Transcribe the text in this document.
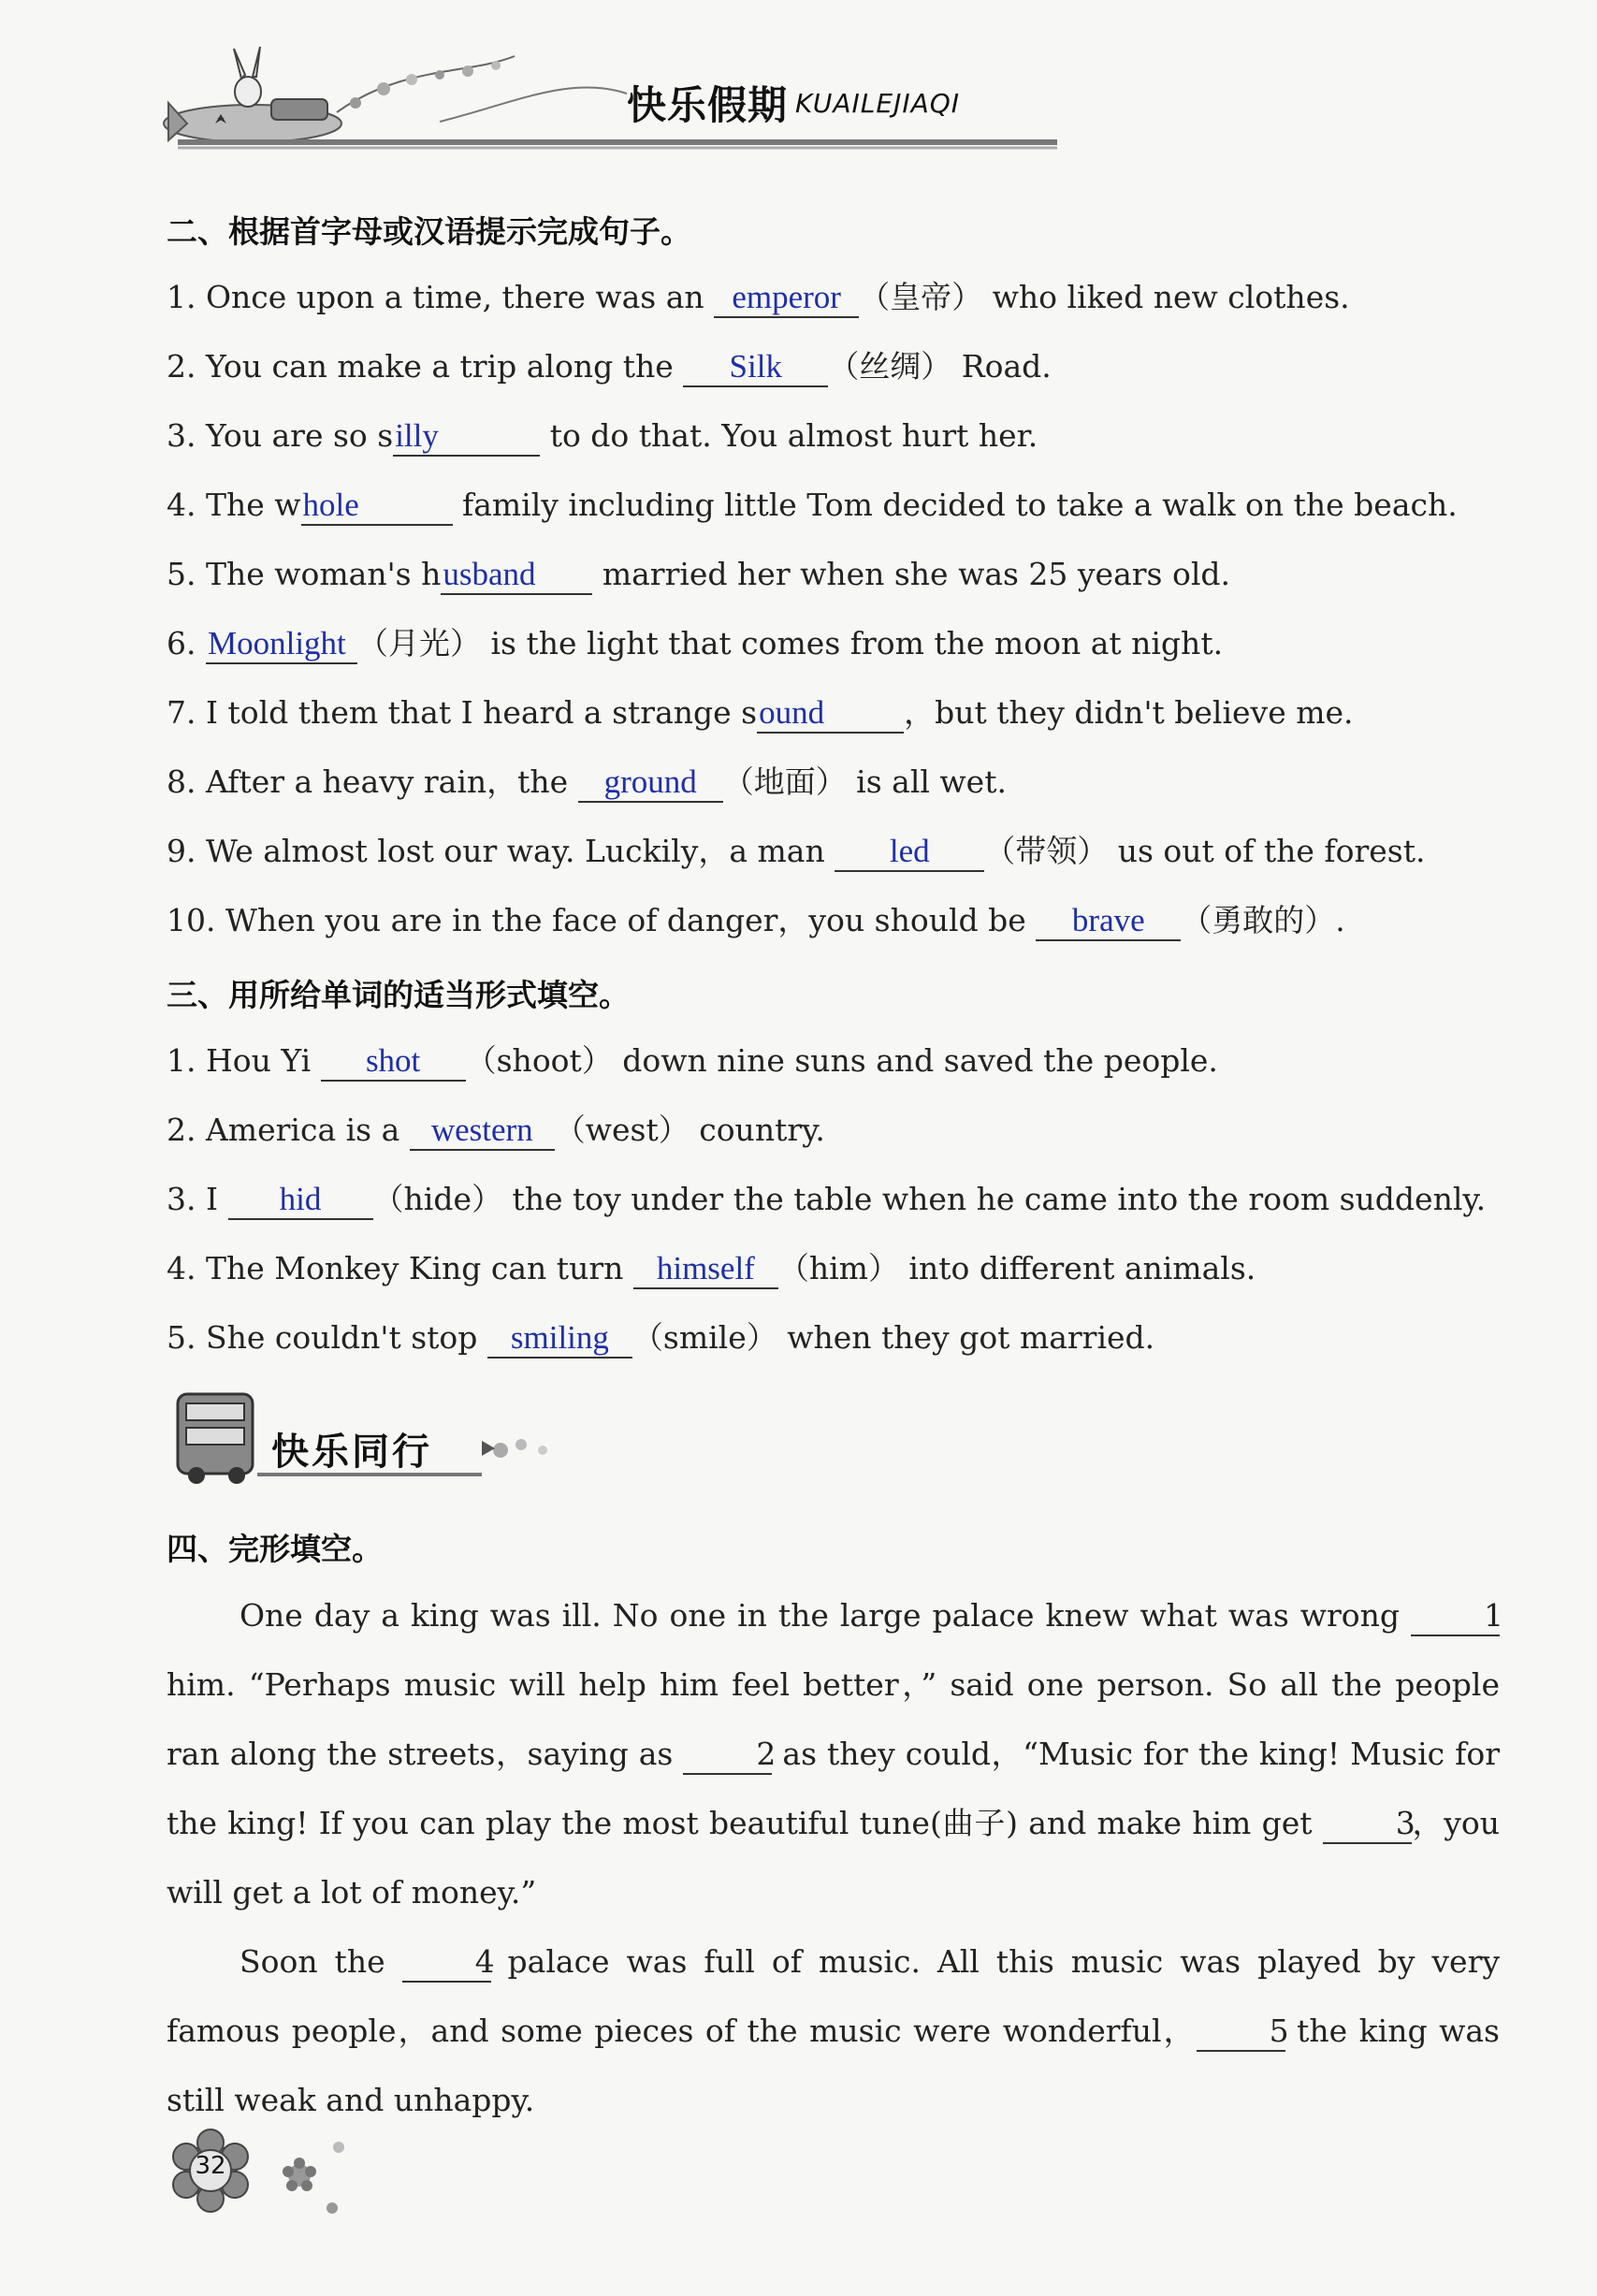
快乐假期 KUAILEJIAQI
二、根据首字母或汉语提示完成句子。
1. Once upon a time, there was an emperor （皇帝） who liked new clothes.
2. You can make a trip along the Silk （丝绸） Road.
3. You are so silly	to do that. You almost hurt her.
4. The whole	family including little Tom decided to take a walk on the beach.
5. The woman's husband married her when she was 25 years old.
6. Moonlight （月光） is the light that comes from the moon at night.
7. I told them that I heard a strange sound	，but they didn't believe me.
8. After a heavy rain，the ground （地面） is all wet.
9. We almost lost our way. Luckily，a man led （带领） us out of the forest.
10. When you are in the face of danger，you should be brave （勇敢的）.
三、用所给单词的适当形式填空。
1. Hou Yi shot （shoot） down nine suns and saved the people.
2. America is a western （west） country.
3. I hid （hide） the toy under the table when he came into the room suddenly.
4. The Monkey King can turn himself （him） into different animals.
5. She couldn't stop smiling （smile） when they got married.
快乐同行
四、完形填空。

One day a king was ill. No one in the large palace knew what was wrong	1 him. “Perhaps music will help him feel better，” said one person. So all the people ran along the streets，saying as 2 as they could，“Music for the king! Music for the king! If you can play the most beautiful tune(曲子) and make him get 3，you will get a lot of money.”

Soon the 4 palace was full of music. All this music was played by very famous people，and some pieces of the music were wonderful， 5 the king was still weak and unhappy.

32
